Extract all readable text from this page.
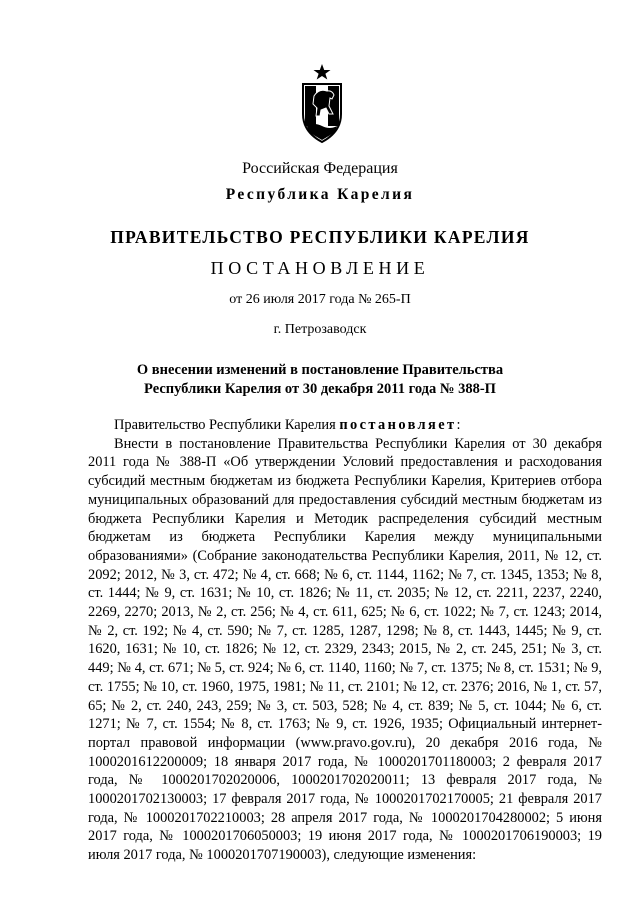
Российская Федерация
Республика Карелия
ПРАВИТЕЛЬСТВО РЕСПУБЛИКИ КАРЕЛИЯ
ПОСТАНОВЛЕНИЕ
от 26 июля 2017 года № 265-П
г. Петрозаводск
О внесении изменений в постановление Правительства
Республики Карелия от 30 декабря 2011 года № 388-П

Правительство Республики Карелия постановляет:

Внести в постановление Правительства Республики Карелия от 30 декабря 2011 года № 388-П «Об утверждении Условий предоставления и расходования субсидий местным бюджетам из бюджета Республики Карелия, Критериев отбора муниципальных образований для предоставления субсидий местным бюджетам из бюджета Республики Карелия и Методик распределения субсидий местным бюджетам из бюджета Республики Карелия между муниципальными образованиями» (Собрание законодательства Республики Карелия, 2011, № 12, ст. 2092; 2012, № 3, ст. 472; № 4, ст. 668; № 6, ст. 1144, 1162; № 7, ст. 1345, 1353; № 8, ст. 1444; № 9, ст. 1631; № 10, ст. 1826; № 11, ст. 2035; № 12, ст. 2211, 2237, 2240, 2269, 2270; 2013, № 2, ст. 256; № 4, ст. 611, 625; № 6, ст. 1022; № 7, ст. 1243; 2014, № 2, ст. 192; № 4, ст. 590; № 7, ст. 1285, 1287, 1298; № 8, ст. 1443, 1445; № 9, ст. 1620, 1631; № 10, ст. 1826; № 12, ст. 2329, 2343; 2015, № 2, ст. 245, 251; № 3, ст. 449; № 4, ст. 671; № 5, ст. 924; № 6, ст. 1140, 1160; № 7, ст. 1375; № 8, ст. 1531; № 9, ст. 1755; № 10, ст. 1960, 1975, 1981; № 11, ст. 2101; № 12, ст. 2376; 2016, № 1, ст. 57, 65; № 2, ст. 240, 243, 259; № 3, ст. 503, 528; № 4, ст. 839; № 5, ст. 1044; № 6, ст. 1271; № 7, ст. 1554; № 8, ст. 1763; № 9, ст. 1926, 1935; Официальный интернет-портал правовой информации (www.pravo.gov.ru), 20 декабря 2016 года, № 1000201612200009; 18 января 2017 года, № 1000201701180003; 2 февраля 2017 года, № 1000201702020006, 1000201702020011; 13 февраля 2017 года, № 1000201702130003; 17 февраля 2017 года, № 1000201702170005; 21 февраля 2017 года, № 1000201702210003; 28 апреля 2017 года, № 1000201704280002; 5 июня 2017 года, № 1000201706050003; 19 июня 2017 года, № 1000201706190003; 19 июля 2017 года, № 1000201707190003), следующие изменения:
